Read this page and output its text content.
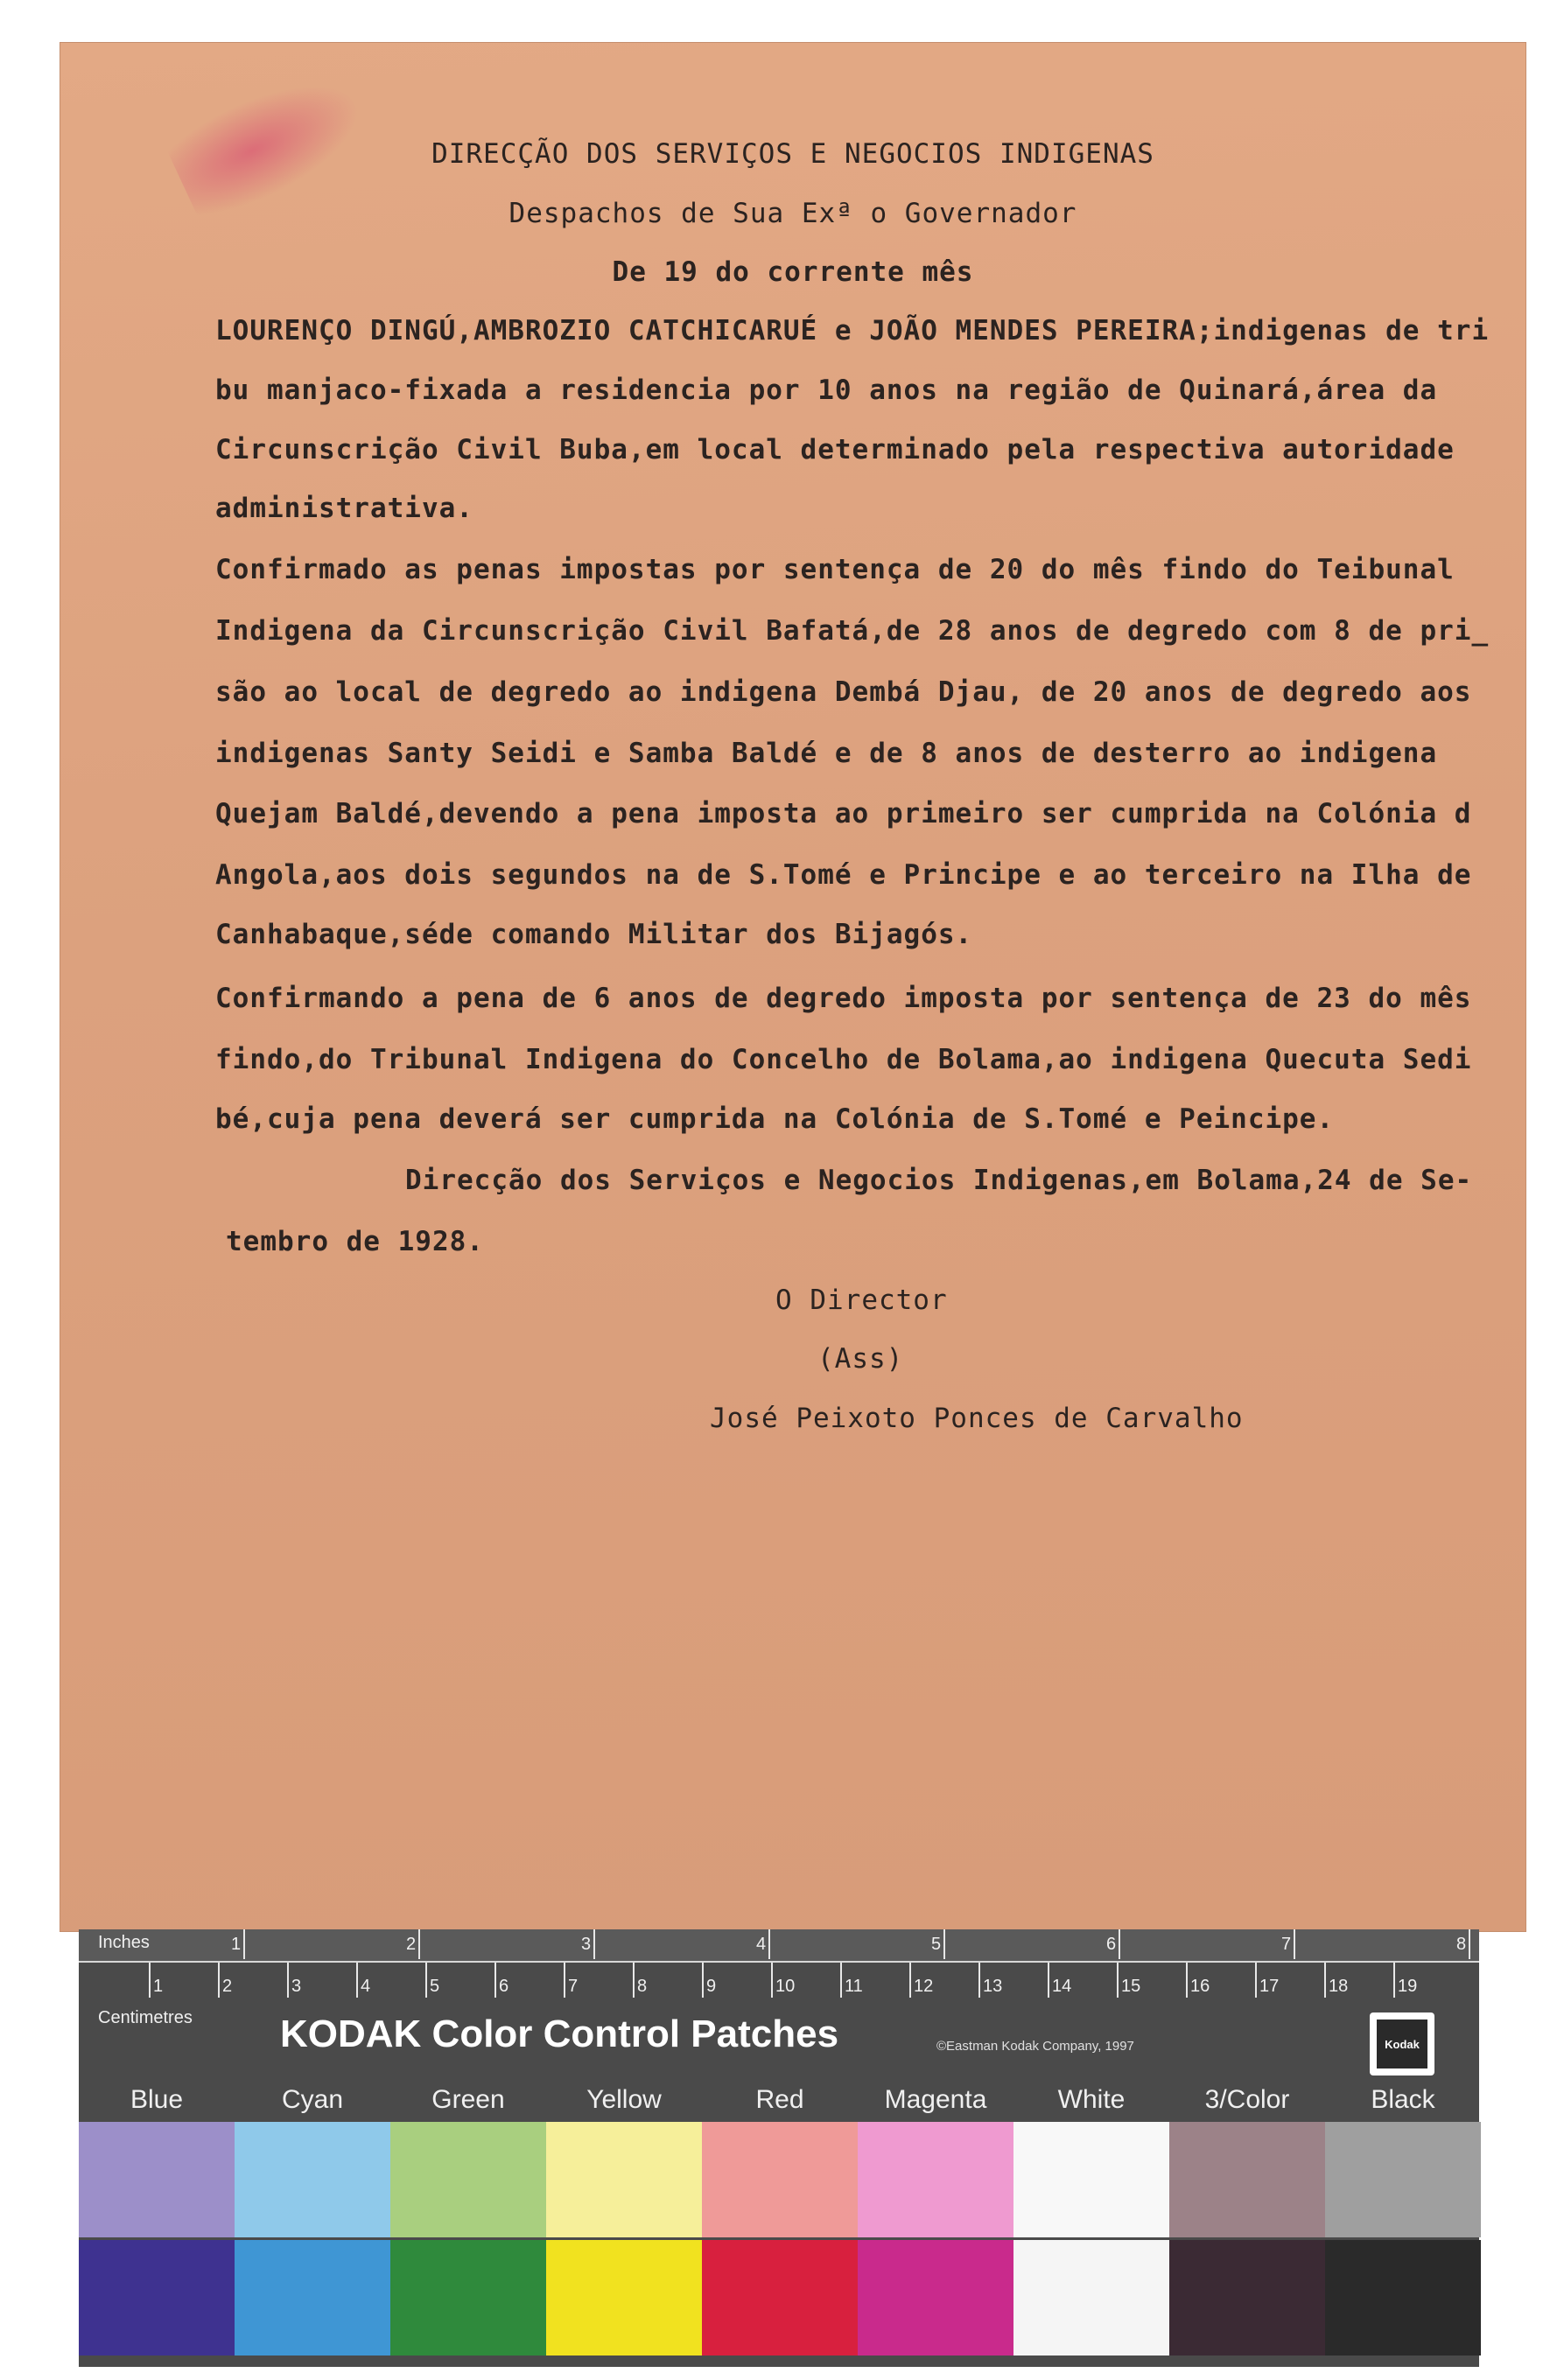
DIRECÇÃO DOS SERVIÇOS E NEGOCIOS INDIGENAS
Despachos de Sua Exª o Governador
De 19 do corrente mês
LOURENÇO DINGÚ,AMBROZIO CATCHICARUÉ e JOÃO MENDES PEREIRA;indigenas de tri
bu manjaco-fixada a residencia por 10 anos na região de Quinará,área da
Circunscrição Civil Buba,em local determinado pela respectiva autoridade
administrativa.
Confirmado as penas impostas por sentença de 20 do mês findo do Teibunal
Indigena da Circunscrição Civil Bafatá,de 28 anos de degredo com 8 de pri_
são ao local de degredo ao indigena Dembá Djau, de 20 anos de degredo aos
indigenas Santy Seidi e Samba Baldé e de 8 anos de desterro ao indigena
Quejam Baldé,devendo a pena imposta ao primeiro ser cumprida na Colónia d
Angola,aos dois segundos na de S.Tomé e Principe e ao terceiro na Ilha de
Canhabaque,séde comando Militar dos Bijagós.
Confirmando a pena de 6 anos de degredo imposta por sentença de 23 do mês
findo,do Tribunal Indigena do Concelho de Bolama,ao indigena Quecuta Sedi
bé,cuja pena deverá ser cumprida na Colónia de S.Tomé e Peincipe.
Direcção dos Serviços e Negocios Indigenas,em Bolama,24 de Se-
tembro de 1928.
O Director
(Ass)
José Peixoto Ponces de Carvalho
Inches	1	2	3	4	5	6	7	8
1	2	3	4	5	6	7	8	9	10	11	12	13	14	15	16	17	18	19
Centimetres KODAK Color Control Patches	©Eastman Kodak Company, 1997	Kodak
Blue	Cyan	Green	Yellow	Red	Magenta	White	3/Color	Black
